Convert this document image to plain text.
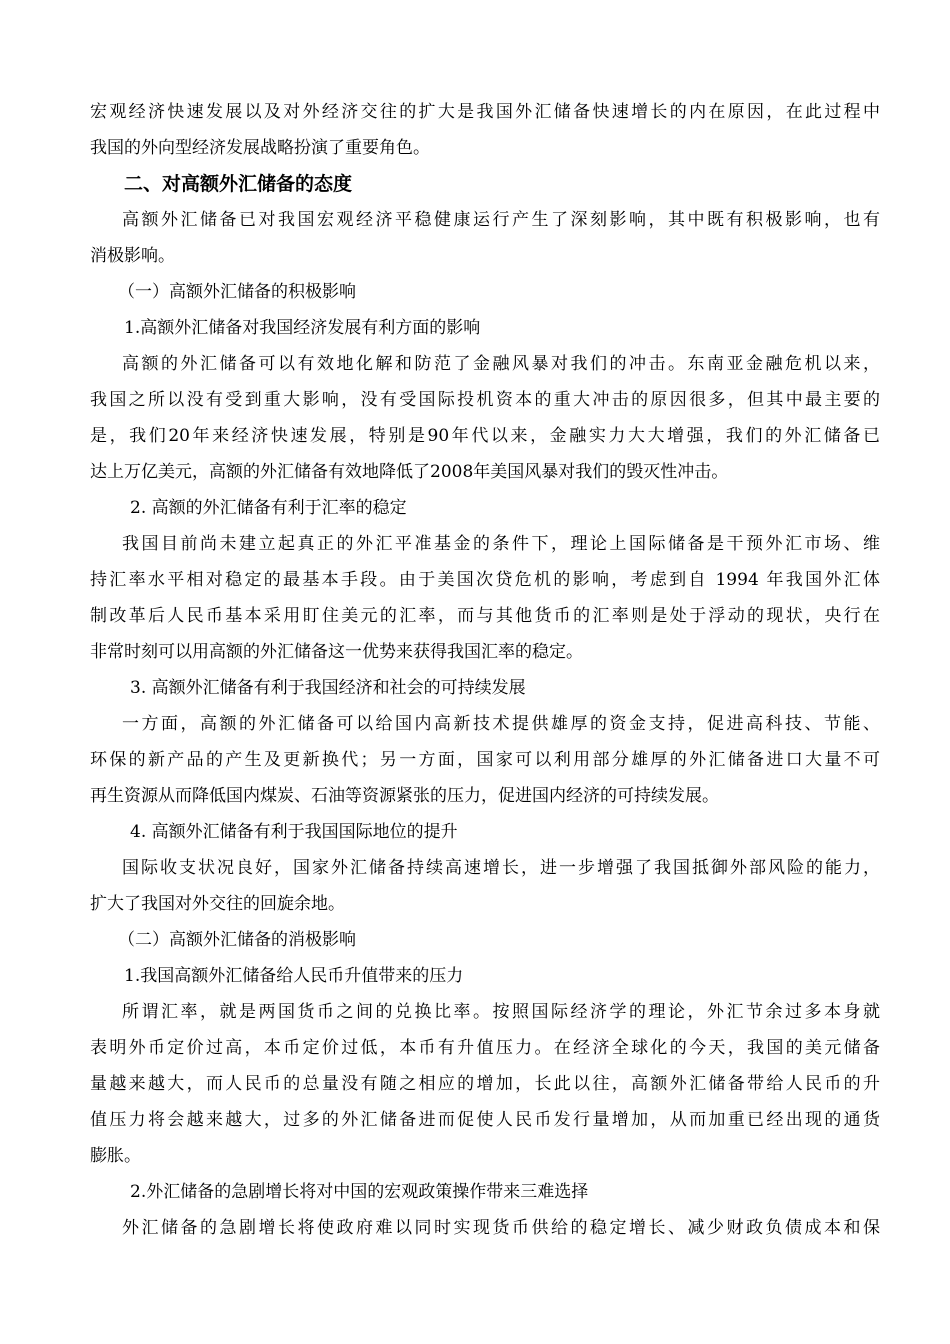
宏观经济快速发展以及对外经济交往的扩大是我国外汇储备快速增长的内在原因，在此过程中

我国的外向型经济发展战略扮演了重要角色。

二、对高额外汇储备的态度

高额外汇储备已对我国宏观经济平稳健康运行产生了深刻影响，其中既有积极影响，也有

消极影响。

（一）高额外汇储备的积极影响

1.高额外汇储备对我国经济发展有利方面的影响

高额的外汇储备可以有效地化解和防范了金融风暴对我们的冲击。东南亚金融危机以来，

我国之所以没有受到重大影响，没有受国际投机资本的重大冲击的原因很多，但其中最主要的

是，我们20年来经济快速发展，特别是90年代以来，金融实力大大增强，我们的外汇储备已

达上万亿美元，高额的外汇储备有效地降低了2008年美国风暴对我们的毁灭性冲击。

2. 高额的外汇储备有利于汇率的稳定

我国目前尚未建立起真正的外汇平准基金的条件下，理论上国际储备是干预外汇市场、维

持汇率水平相对稳定的最基本手段。由于美国次贷危机的影响，考虑到自 1994 年我国外汇体

制改革后人民币基本采用盯住美元的汇率，而与其他货币的汇率则是处于浮动的现状，央行在

非常时刻可以用高额的外汇储备这一优势来获得我国汇率的稳定。

3. 高额外汇储备有利于我国经济和社会的可持续发展

一方面，高额的外汇储备可以给国内高新技术提供雄厚的资金支持，促进高科技、节能、

环保的新产品的产生及更新换代；另一方面，国家可以利用部分雄厚的外汇储备进口大量不可

再生资源从而降低国内煤炭、石油等资源紧张的压力，促进国内经济的可持续发展。

4. 高额外汇储备有利于我国国际地位的提升

国际收支状况良好，国家外汇储备持续高速增长，进一步增强了我国抵御外部风险的能力，

扩大了我国对外交往的回旋余地。

（二）高额外汇储备的消极影响

1.我国高额外汇储备给人民币升值带来的压力

所谓汇率，就是两国货币之间的兑换比率。按照国际经济学的理论，外汇节余过多本身就

表明外币定价过高，本币定价过低，本币有升值压力。在经济全球化的今天，我国的美元储备

量越来越大，而人民币的总量没有随之相应的增加，长此以往，高额外汇储备带给人民币的升

值压力将会越来越大，过多的外汇储备进而促使人民币发行量增加，从而加重已经出现的通货

膨胀。

2.外汇储备的急剧增长将对中国的宏观政策操作带来三难选择

外汇储备的急剧增长将使政府难以同时实现货币供给的稳定增长、减少财政负债成本和保
